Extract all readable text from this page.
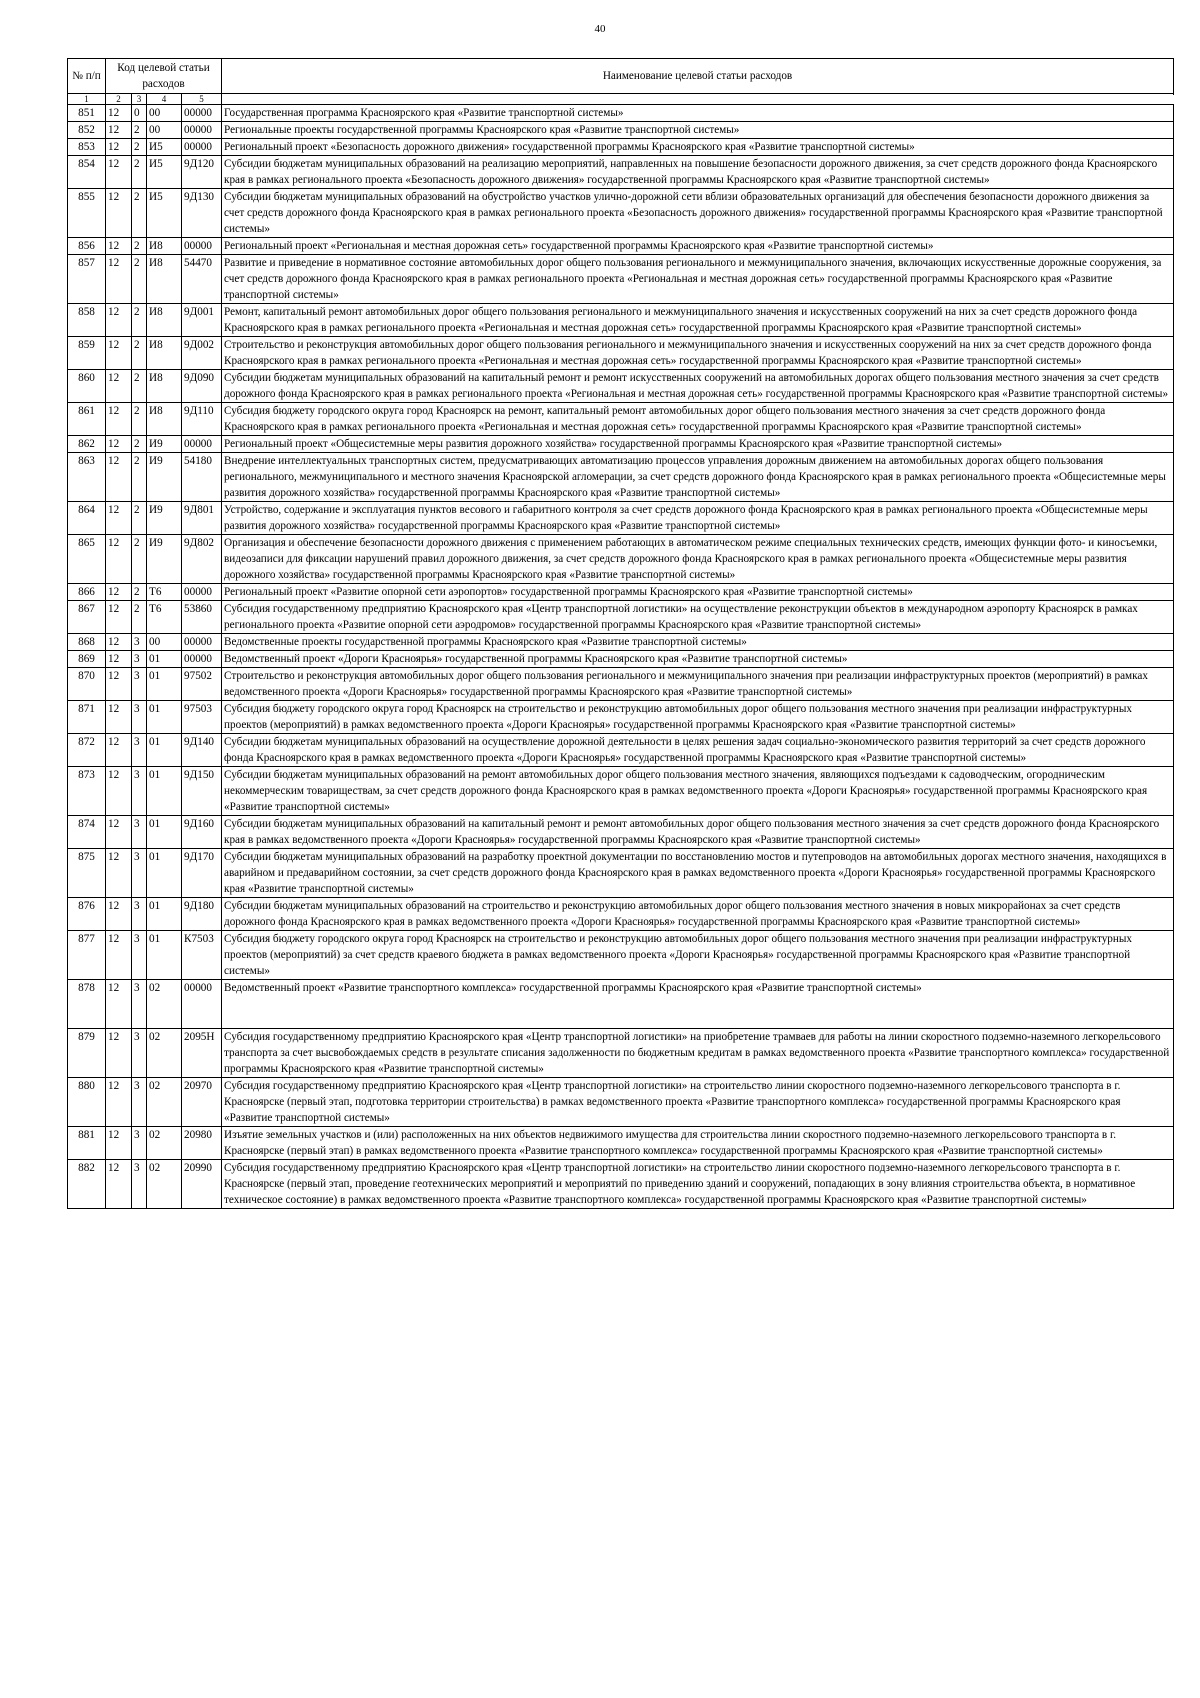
40
№ п/п	Код целевой статьи расходов				Наименование целевой статьи расходов

1	2	3	4	5	
851	12	0	00	00000	Государственная программа Красноярского края «Развитие транспортной системы»
852	12	2	00	00000	Региональные проекты государственной программы Красноярского края «Развитие транспортной системы»
853	12	2	И5	00000	Региональный проект «Безопасность дорожного движения» государственной программы Красноярского края «Развитие транспортной системы»
854	12	2	И5	9Д120	Субсидии бюджетам муниципальных образований на реализацию мероприятий, направленных на повышение безопасности дорожного движения, за счет средств дорожного фонда Красноярского края в рамках регионального проекта «Безопасность дорожного движения» государственной программы Красноярского края «Развитие транспортной системы»
855	12	2	И5	9Д130	Субсидии бюджетам муниципальных образований на обустройство участков улично-дорожной сети вблизи образовательных организаций для обеспечения безопасности дорожного движения за счет средств дорожного фонда Красноярского края в рамках регионального проекта «Безопасность дорожного движения» государственной программы Красноярского края «Развитие транспортной системы»
856	12	2	И8	00000	Региональный проект «Региональная и местная дорожная сеть» государственной программы Красноярского края «Развитие транспортной системы»
857	12	2	И8	54470	Развитие и приведение в нормативное состояние автомобильных дорог общего пользования регионального и межмуниципального значения, включающих искусственные дорожные сооружения, за счет средств дорожного фонда Красноярского края в рамках регионального проекта «Региональная и местная дорожная сеть» государственной программы Красноярского края «Развитие транспортной системы»
858	12	2	И8	9Д001	Ремонт, капитальный ремонт автомобильных дорог общего пользования регионального и межмуниципального значения и искусственных сооружений на них за счет средств дорожного фонда Красноярского края в рамках регионального проекта «Региональная и местная дорожная сеть» государственной программы Красноярского края «Развитие транспортной системы»
859	12	2	И8	9Д002	Строительство и реконструкция автомобильных дорог общего пользования регионального и межмуниципального значения и искусственных сооружений на них за счет средств дорожного фонда Красноярского края в рамках регионального проекта «Региональная и местная дорожная сеть» государственной программы Красноярского края «Развитие транспортной системы»
860	12	2	И8	9Д090	Субсидии бюджетам муниципальных образований на капитальный ремонт и ремонт искусственных сооружений на автомобильных дорогах общего пользования местного значения за счет средств дорожного фонда Красноярского края в рамках регионального проекта «Региональная и местная дорожная сеть» государственной программы Красноярского края «Развитие транспортной системы»
861	12	2	И8	9Д110	Субсидия бюджету городского округа город Красноярск на ремонт, капитальный ремонт автомобильных дорог общего пользования местного значения за счет средств дорожного фонда Красноярского края в рамках регионального проекта «Региональная и местная дорожная сеть» государственной программы Красноярского края «Развитие транспортной системы»
862	12	2	И9	00000	Региональный проект «Общесистемные меры развития дорожного хозяйства» государственной программы Красноярского края «Развитие транспортной системы»
863	12	2	И9	54180	Внедрение интеллектуальных транспортных систем, предусматривающих автоматизацию процессов управления дорожным движением на автомобильных дорогах общего пользования регионального, межмуниципального и местного значения Красноярской агломерации, за счет средств дорожного фонда Красноярского края в рамках регионального проекта «Общесистемные меры развития дорожного хозяйства» государственной программы Красноярского края «Развитие транспортной системы»
864	12	2	И9	9Д801	Устройство, содержание и эксплуатация пунктов весового и габаритного контроля за счет средств дорожного фонда Красноярского края в рамках регионального проекта «Общесистемные меры развития дорожного хозяйства» государственной программы Красноярского края «Развитие транспортной системы»
865	12	2	И9	9Д802	Организация и обеспечение безопасности дорожного движения с применением работающих в автоматическом режиме специальных технических средств, имеющих функции фото- и киносъемки, видеозаписи для фиксации нарушений правил дорожного движения, за счет средств дорожного фонда Красноярского края в рамках регионального проекта «Общесистемные меры развития дорожного хозяйства» государственной программы Красноярского края «Развитие транспортной системы»
866	12	2	Т6	00000	Региональный проект «Развитие опорной сети аэропортов» государственной программы Красноярского края «Развитие транспортной системы»
867	12	2	Т6	53860	Субсидия государственному предприятию Красноярского края «Центр транспортной логистики» на осуществление реконструкции объектов в международном аэропорту Красноярск в рамках регионального проекта «Развитие опорной сети аэродромов» государственной программы Красноярского края «Развитие транспортной системы»
868	12	3	00	00000	Ведомственные проекты государственной программы Красноярского края «Развитие транспортной системы»
869	12	3	01	00000	Ведомственный проект «Дороги Красноярья» государственной программы Красноярского края «Развитие транспортной системы»
870	12	3	01	97502	Строительство и реконструкция автомобильных дорог общего пользования регионального и межмуниципального значения при реализации инфраструктурных проектов (мероприятий) в рамках ведомственного проекта «Дороги Красноярья» государственной программы Красноярского края «Развитие транспортной системы»
871	12	3	01	97503	Субсидия бюджету городского округа город Красноярск на строительство и реконструкцию автомобильных дорог общего пользования местного значения при реализации инфраструктурных проектов (мероприятий) в рамках ведомственного проекта «Дороги Красноярья» государственной программы Красноярского края «Развитие транспортной системы»
872	12	3	01	9Д140	Субсидии бюджетам муниципальных образований на осуществление дорожной деятельности в целях решения задач социально-экономического развития территорий за счет средств дорожного фонда Красноярского края в рамках ведомственного проекта «Дороги Красноярья» государственной программы Красноярского края «Развитие транспортной системы»
873	12	3	01	9Д150	Субсидии бюджетам муниципальных образований на ремонт автомобильных дорог общего пользования местного значения, являющихся подъездами к садоводческим, огородническим некоммерческим товариществам, за счет средств дорожного фонда Красноярского края в рамках ведомственного проекта «Дороги Красноярья» государственной программы Красноярского края «Развитие транспортной системы»
874	12	3	01	9Д160	Субсидии бюджетам муниципальных образований на капитальный ремонт и ремонт автомобильных дорог общего пользования местного значения за счет средств дорожного фонда Красноярского края в рамках ведомственного проекта «Дороги Красноярья» государственной программы Красноярского края «Развитие транспортной системы»
875	12	3	01	9Д170	Субсидии бюджетам муниципальных образований на разработку проектной документации по восстановлению мостов и путепроводов на автомобильных дорогах местного значения, находящихся в аварийном и предаварийном состоянии, за счет средств дорожного фонда Красноярского края в рамках ведомственного проекта «Дороги Красноярья» государственной программы Красноярского края «Развитие транспортной системы»
876	12	3	01	9Д180	Субсидии бюджетам муниципальных образований на строительство и реконструкцию автомобильных дорог общего пользования местного значения в новых микрорайонах за счет средств дорожного фонда Красноярского края в рамках ведомственного проекта «Дороги Красноярья» государственной программы Красноярского края «Развитие транспортной системы»
877	12	3	01	К7503	Субсидия бюджету городского округа город Красноярск на строительство и реконструкцию автомобильных дорог общего пользования местного значения при реализации инфраструктурных проектов (мероприятий) за счет средств краевого бюджета в рамках ведомственного проекта «Дороги Красноярья» государственной программы Красноярского края «Развитие транспортной системы»
878	12	3	02	00000	Ведомственный проект «Развитие транспортного комплекса» государственной программы Красноярского края «Развитие транспортной системы»
879	12	3	02	2095Н	Субсидия государственному предприятию Красноярского края «Центр транспортной логистики» на приобретение трамваев для работы на линии скоростного подземно-наземного легкорельсового транспорта за счет высвобождаемых средств в результате списания задолженности по бюджетным кредитам в рамках ведомственного проекта «Развитие транспортного комплекса» государственной программы Красноярского края «Развитие транспортной системы»
880	12	3	02	20970	Субсидия государственному предприятию Красноярского края «Центр транспортной логистики» на строительство линии скоростного подземно-наземного легкорельсового транспорта в г. Красноярске (первый этап, подготовка территории строительства) в рамках ведомственного проекта «Развитие транспортного комплекса» государственной программы Красноярского края «Развитие транспортной системы»
881	12	3	02	20980	Изъятие земельных участков и (или) расположенных на них объектов недвижимого имущества для строительства линии скоростного подземно-наземного легкорельсового транспорта в г. Красноярске (первый этап) в рамках ведомственного проекта «Развитие транспортного комплекса» государственной программы Красноярского края «Развитие транспортной системы»
882	12	3	02	20990	Субсидия государственному предприятию Красноярского края «Центр транспортной логистики» на строительство линии скоростного подземно-наземного легкорельсового транспорта в г. Красноярске (первый этап, проведение геотехнических мероприятий и мероприятий по приведению зданий и сооружений, попадающих в зону влияния строительства объекта, в нормативное техническое состояние) в рамках ведомственного проекта «Развитие транспортного комплекса» государственной программы Красноярского края «Развитие транспортной системы»
